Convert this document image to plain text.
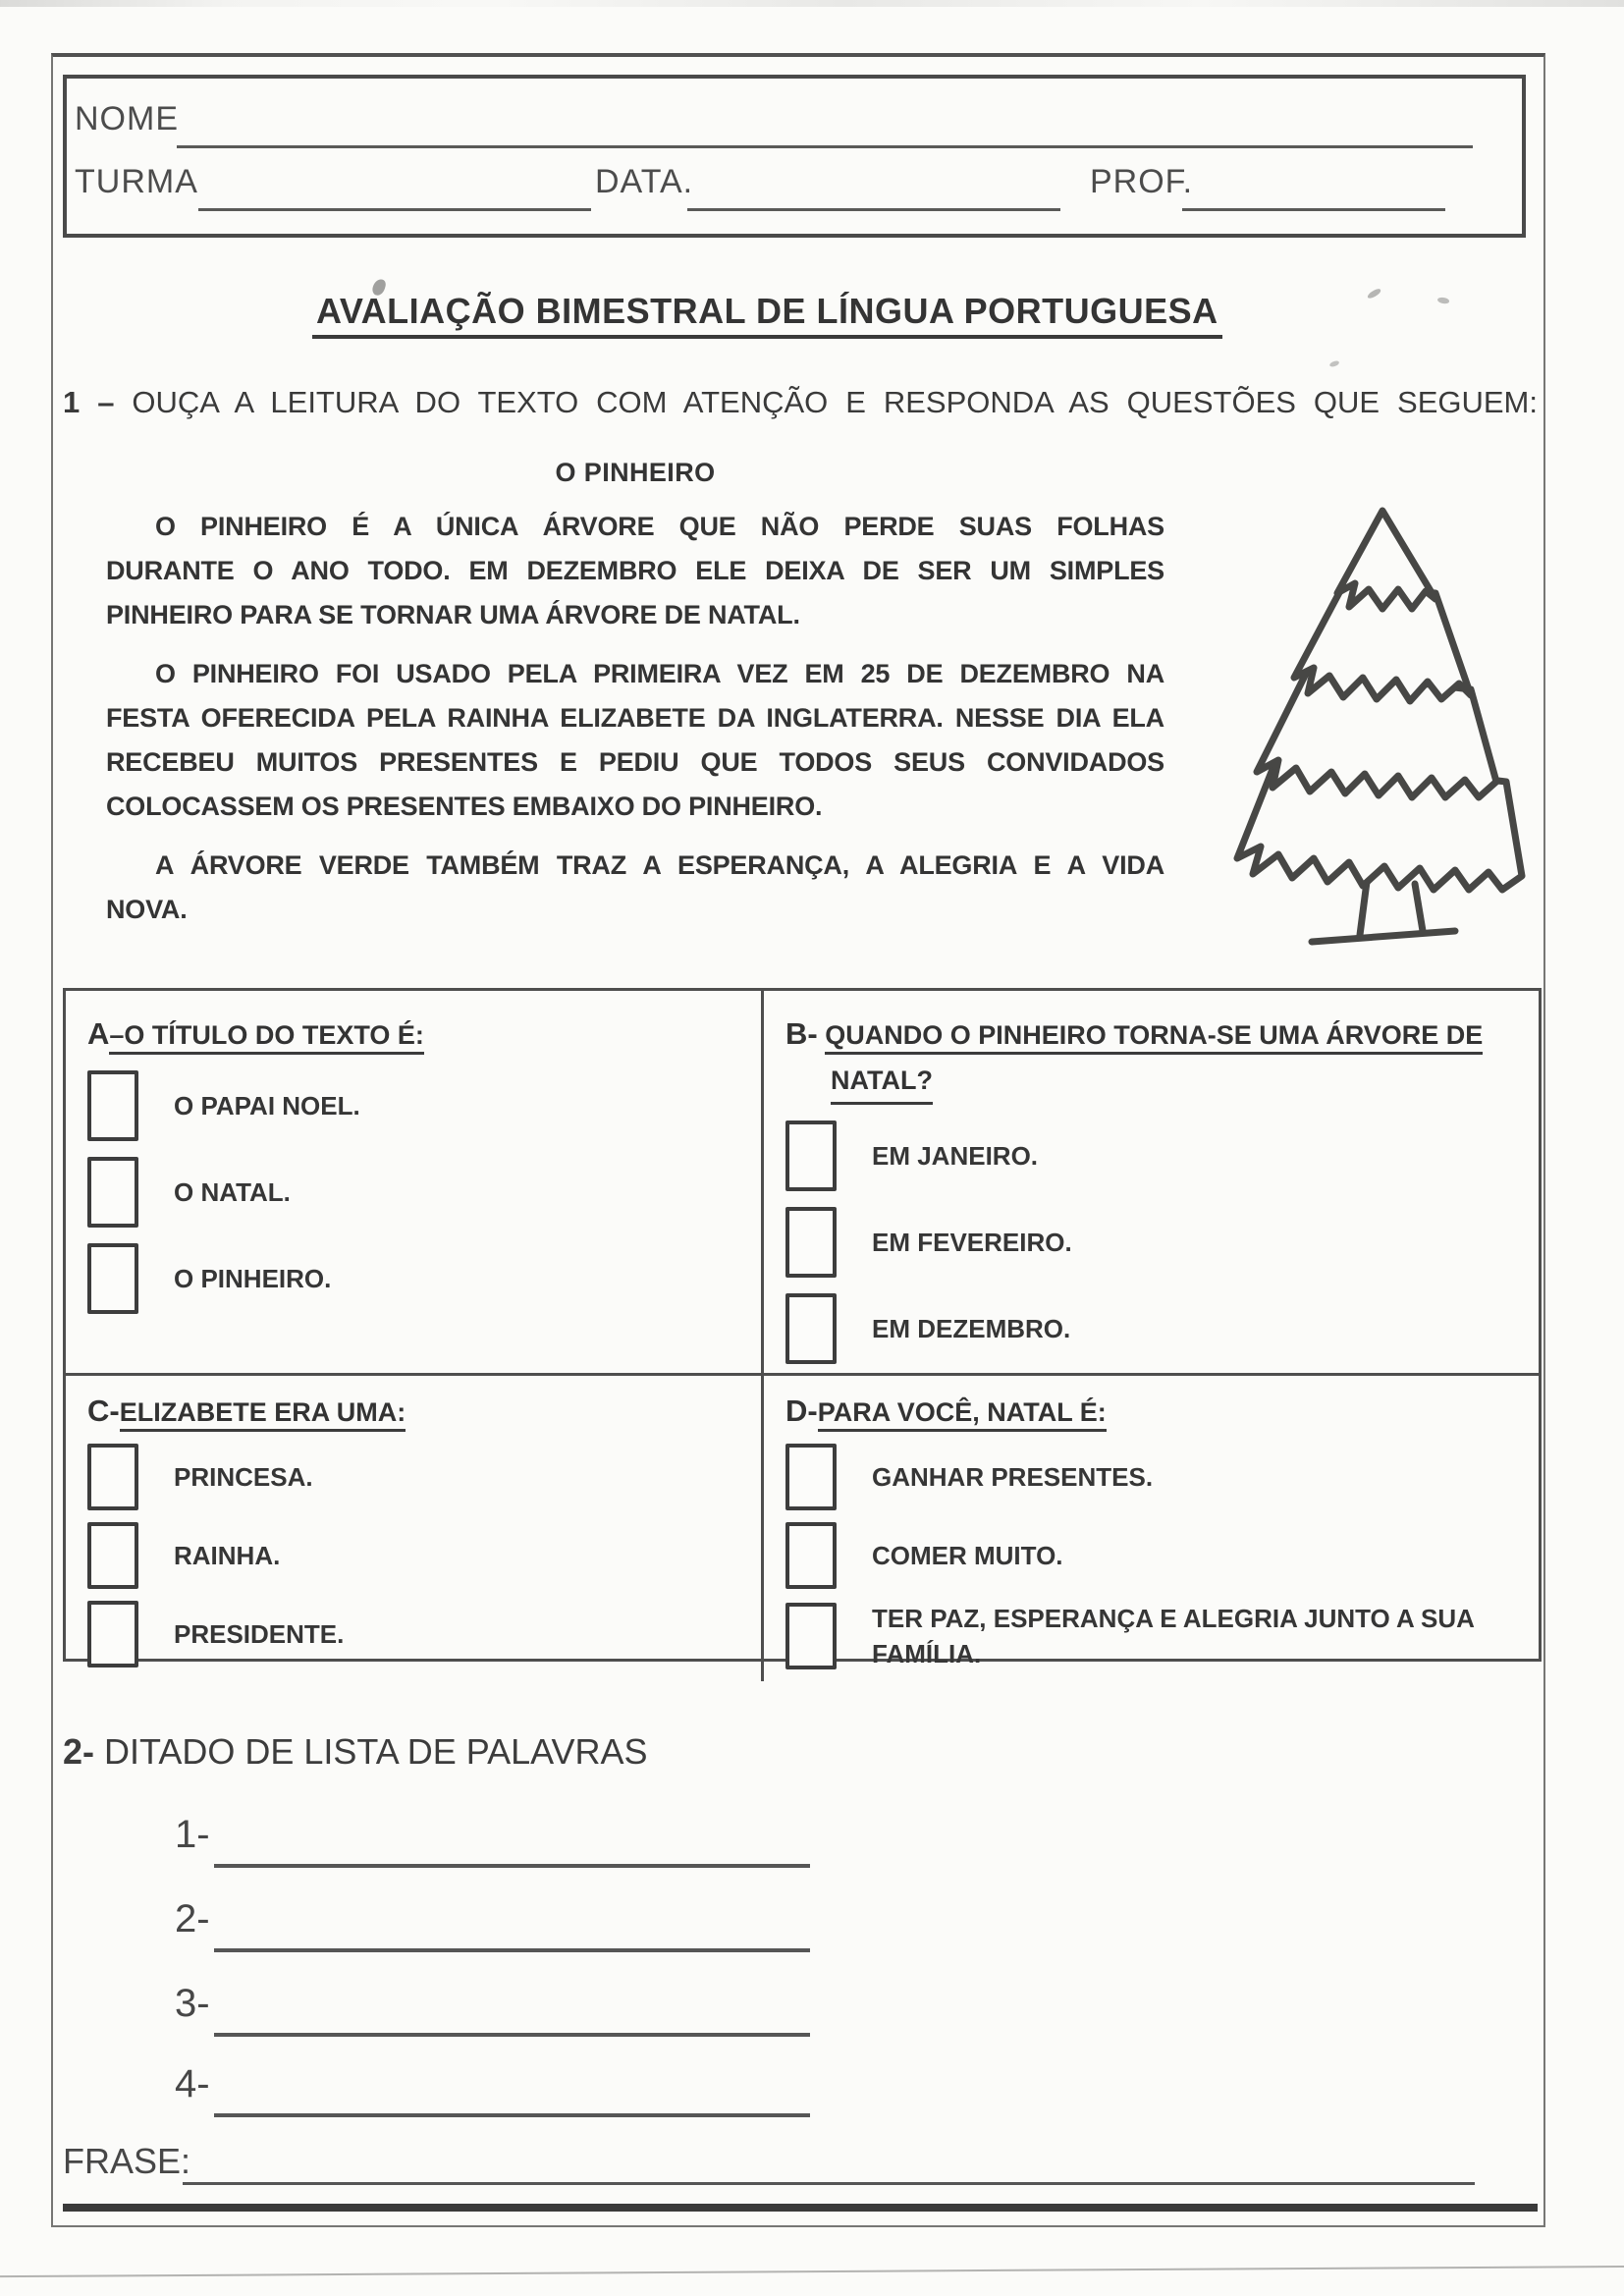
NOME
TURMA	DATA.	PROF.
AVALIAÇÃO BIMESTRAL DE LÍNGUA PORTUGUESA
1 – OUÇA A LEITURA DO TEXTO COM ATENÇÃO E RESPONDA AS QUESTÕES QUE SEGUEM:
O PINHEIRO
O PINHEIRO É A ÚNICA ÁRVORE QUE NÃO PERDE SUAS FOLHAS
DURANTE O ANO TODO. EM DEZEMBRO ELE DEIXA DE SER UM SIMPLES
PINHEIRO PARA SE TORNAR UMA ÁRVORE DE NATAL.
O PINHEIRO FOI USADO PELA PRIMEIRA VEZ EM 25 DE DEZEMBRO NA
FESTA OFERECIDA PELA RAINHA ELIZABETE DA INGLATERRA. NESSE DIA ELA
RECEBEU MUITOS PRESENTES E PEDIU QUE TODOS SEUS CONVIDADOS
COLOCASSEM OS PRESENTES EMBAIXO DO PINHEIRO.
A ÁRVORE VERDE TAMBÉM TRAZ A ESPERANÇA, A ALEGRIA E A VIDA
NOVA.
A–O TÍTULO DO TEXTO É:
O PAPAI NOEL.
O NATAL.
O PINHEIRO.
B- QUANDO O PINHEIRO TORNA-SE UMA ÁRVORE DE
NATAL?
EM JANEIRO.
EM FEVEREIRO.
EM DEZEMBRO.
C-ELIZABETE ERA UMA:
PRINCESA.
RAINHA.
PRESIDENTE.
D-PARA VOCÊ, NATAL É:
GANHAR PRESENTES.
COMER MUITO.
TER PAZ, ESPERANÇA E ALEGRIA JUNTO A SUA FAMÍLIA.
2- DITADO DE LISTA DE PALAVRAS
1-
2-
3-
4-
FRASE:
